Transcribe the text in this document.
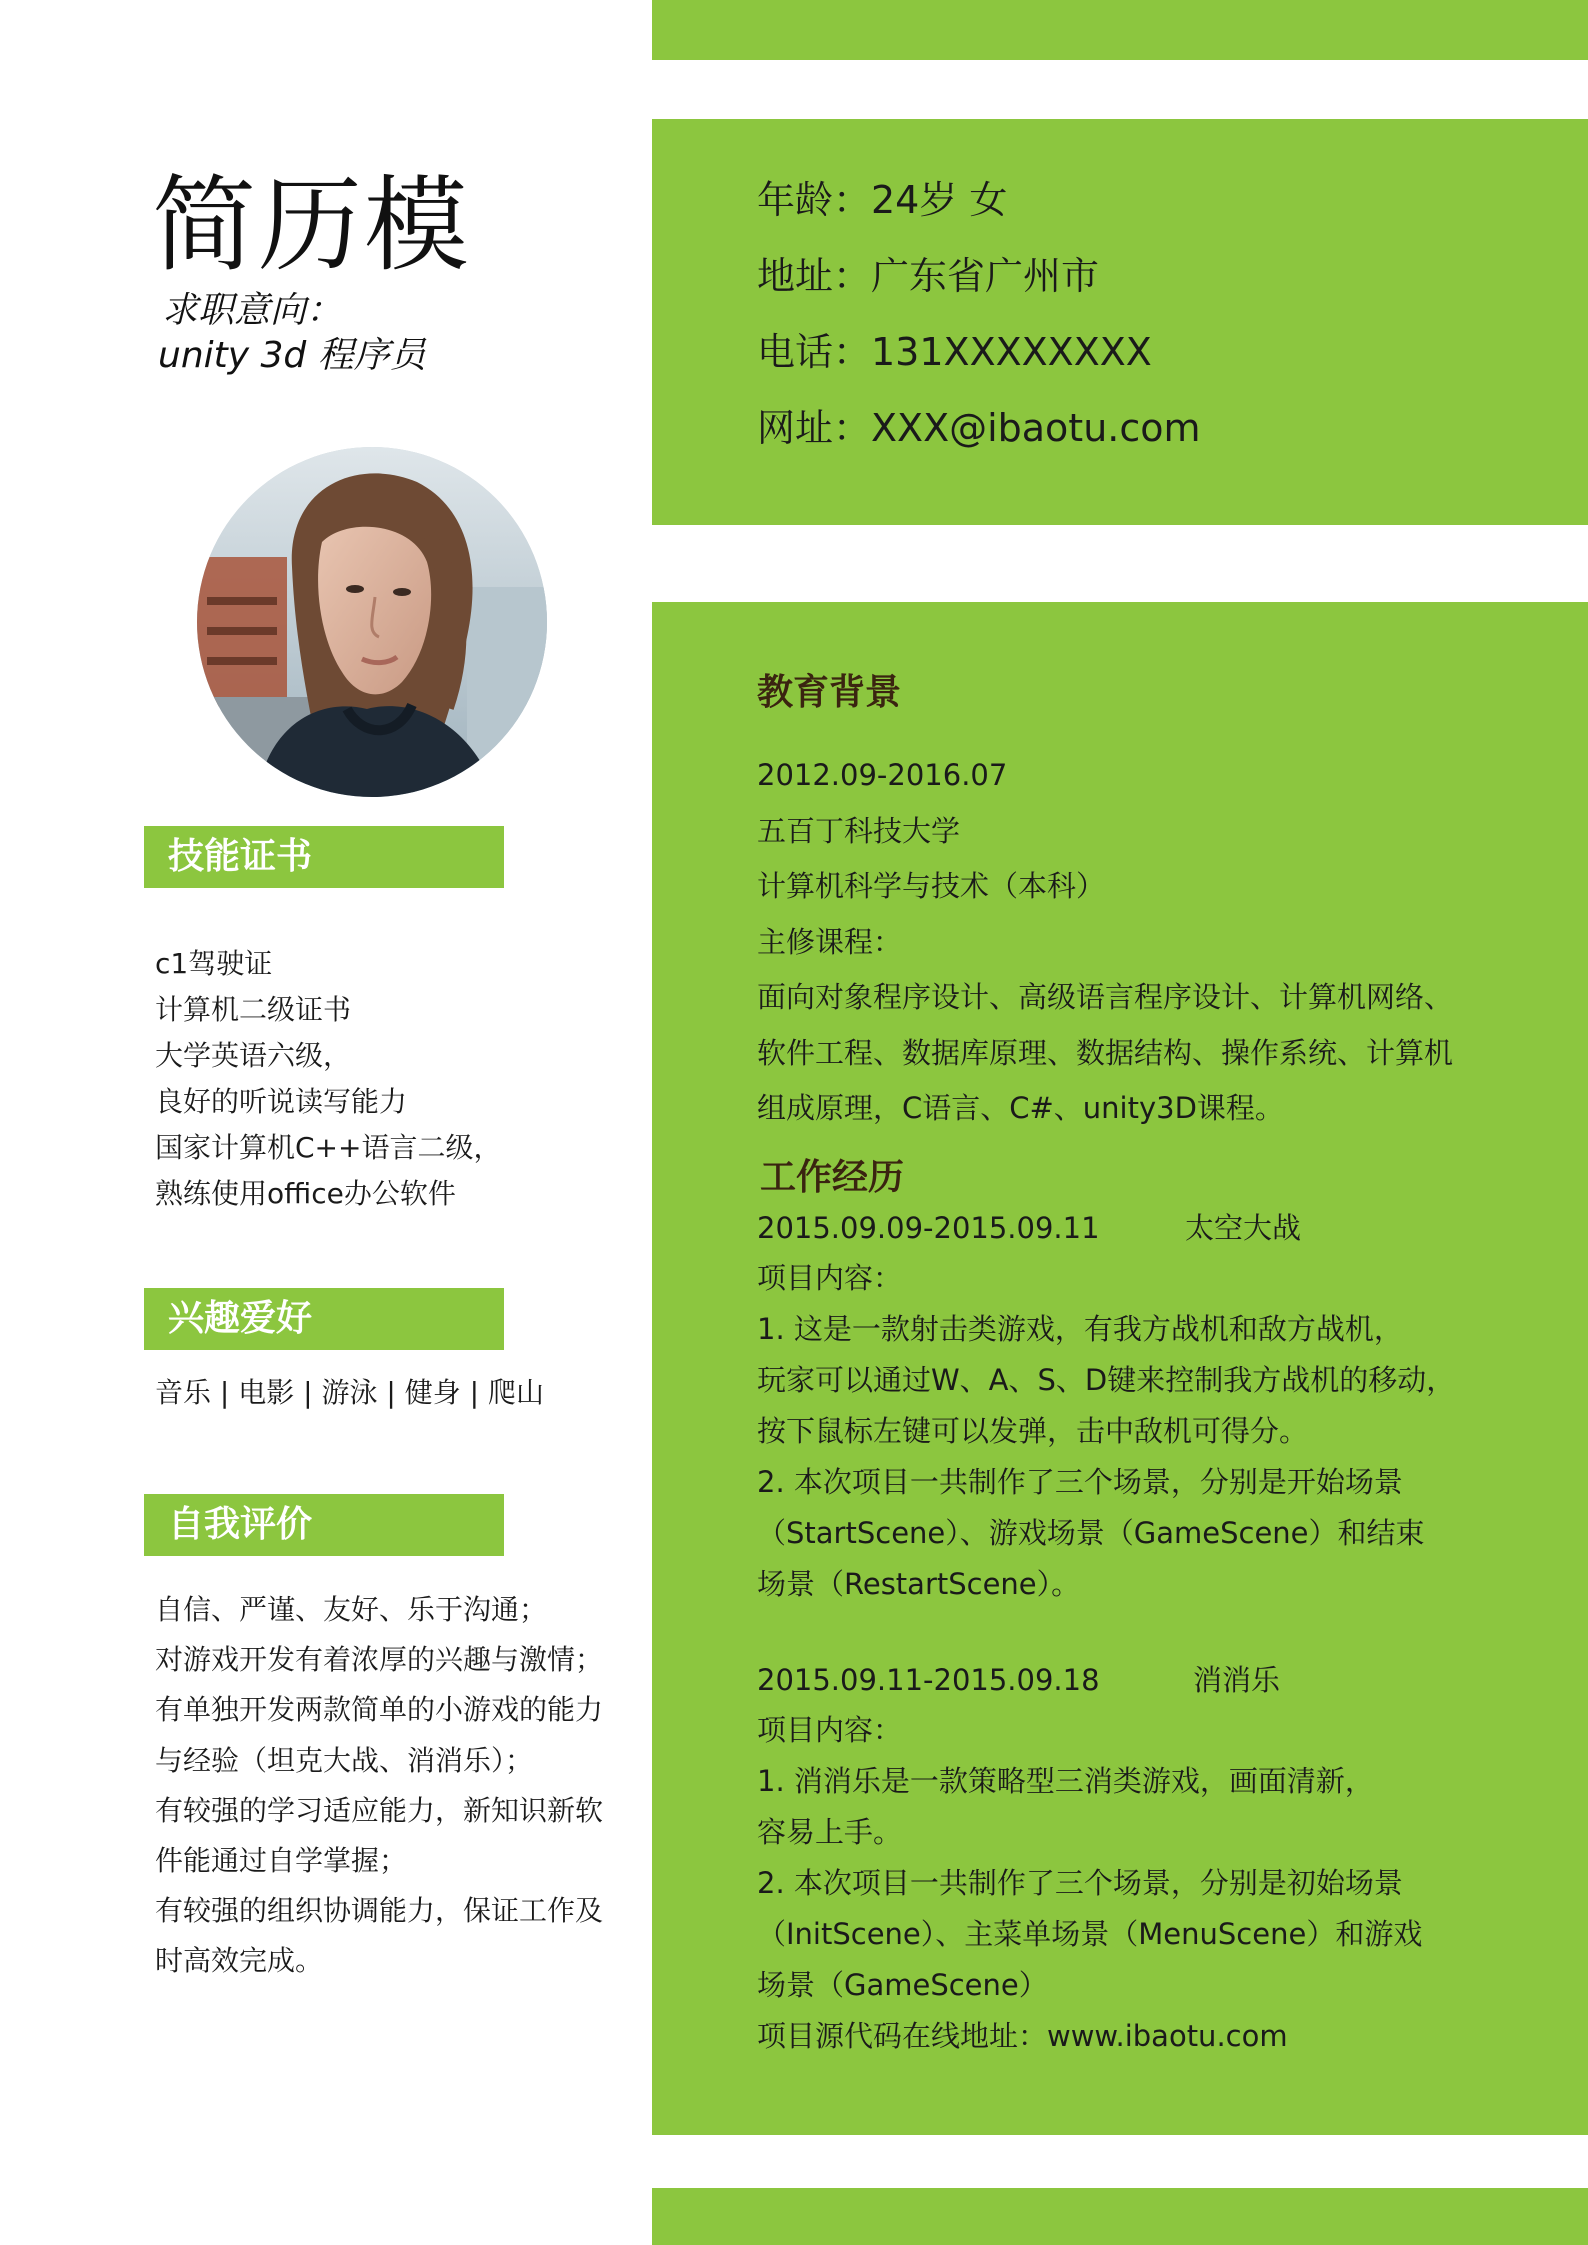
简历模
求职意向：
unity 3d 程序员
技能证书
c1驾驶证
计算机二级证书
大学英语六级，
良好的听说读写能力
国家计算机C++语言二级，
熟练使用office办公软件
兴趣爱好
音乐 | 电影 | 游泳 | 健身 | 爬山
自我评价
自信、严谨、友好、乐于沟通；
对游戏开发有着浓厚的兴趣与激情；
有单独开发两款简单的小游戏的能力
与经验（坦克大战、消消乐）；
有较强的学习适应能力，新知识新软
件能通过自学掌握；
有较强的组织协调能力，保证工作及
时高效完成。
年龄：24岁 女
地址：广东省广州市
电话：131XXXXXXXX
网址：XXX@ibaotu.com
教育背景
2012.09-2016.07
五百丁科技大学
计算机科学与技术（本科）
主修课程：
面向对象程序设计、高级语言程序设计、计算机网络、
软件工程、数据库原理、数据结构、操作系统、计算机
组成原理，C语言、C#、unity3D课程。
工作经历
2015.09.09-2015.09.11	太空大战
项目内容：
1. 这是一款射击类游戏，有我方战机和敌方战机，
玩家可以通过W、A、S、D键来控制我方战机的移动，
按下鼠标左键可以发弹，击中敌机可得分。
2. 本次项目一共制作了三个场景，分别是开始场景
（StartScene）、游戏场景（GameScene）和结束
场景（RestartScene）。
2015.09.11-2015.09.18	消消乐
项目内容：
1. 消消乐是一款策略型三消类游戏，画面清新，
容易上手。
2. 本次项目一共制作了三个场景，分别是初始场景
（InitScene）、主菜单场景（MenuScene）和游戏
场景（GameScene）
项目源代码在线地址：www.ibaotu.com
